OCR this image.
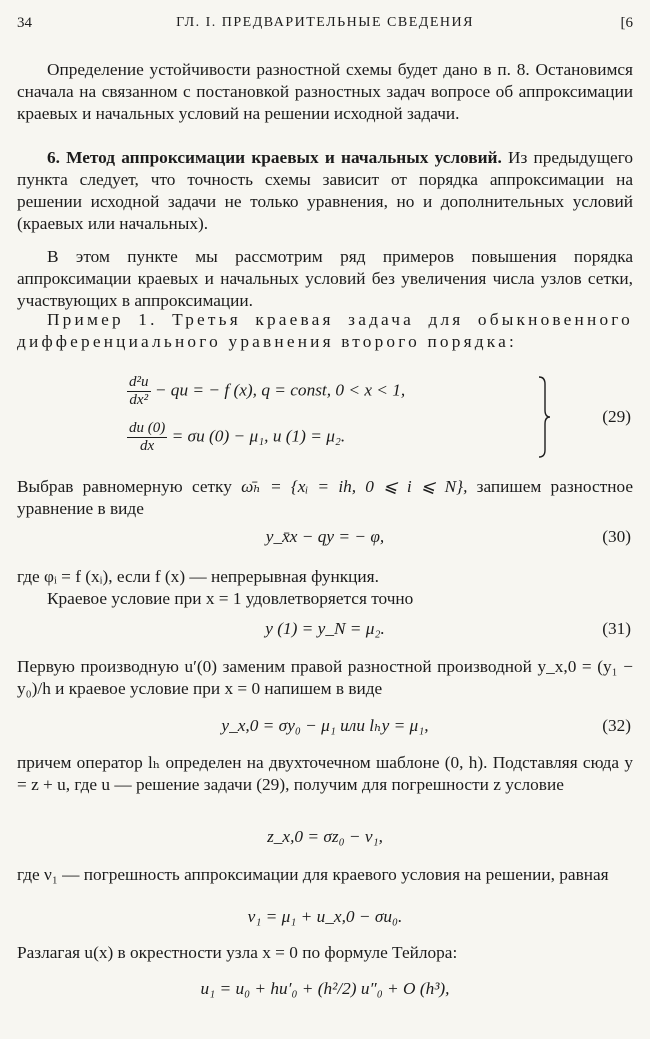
34	ГЛ. I. ПРЕДВАРИТЕЛЬНЫЕ СВЕДЕНИЯ	[6

Определение устойчивости разностной схемы будет дано в п. 8. Остановимся сначала на связанном с постановкой разностных задач вопросе об аппроксимации краевых и начальных условий на решении исходной задачи.

6. Метод аппроксимации краевых и начальных условий. Из предыдущего пункта следует, что точность схемы зависит от порядка аппроксимации на решении исходной задачи не только уравнения, но и дополнительных условий (краевых или начальных).

В этом пункте мы рассмотрим ряд примеров повышения порядка аппроксимации краевых и начальных условий без увеличения числа узлов сетки, участвующих в аппроксимации.

Пример 1. Третья краевая задача для обыкновенного дифференциального уравнения второго порядка:

$\frac{\text{d²u}}{\text{dx²}}$ − qu = − f (x), q = const, 0 < x < 1,
$\frac{du (0)}{dx} = \sigma u$ (0) − μ₁, u (1) = μ₂.
(29)

Выбрав равномерную сетку ω̄ₕ = {xᵢ = ih, 0 ⩽ i ⩽ N}, запишем разностное уравнение в виде

y_x̄x − qy = − φ,	(30)

где φᵢ = f (xᵢ), если f (x) — непрерывная функция.

Краевое условие при x = 1 удовлетворяется точно

y (1) = y_N = μ₂.	(31)

Первую производную u′(0) заменим правой разностной производной y_x,0 = (y₁ − y₀)/h и краевое условие при x = 0 напишем в виде

y_x,0 = σy₀ − μ₁ или lₕy = μ₁,	(32)

причем оператор lₕ определен на двухточечном шаблоне (0, h). Подставляя сюда y = z + u, где u — решение задачи (29), получим для погрешности z условие

z_x,0 = σz₀ − ν₁,

где ν₁ — погрешность аппроксимации для краевого условия на решении, равная

ν₁ = μ₁ + u_x,0 − σu₀.

Разлагая u(x) в окрестности узла x = 0 по формуле Тейлора:

u₁ = u₀ + hu′₀ + (h²/2) u″₀ + O (h³),
